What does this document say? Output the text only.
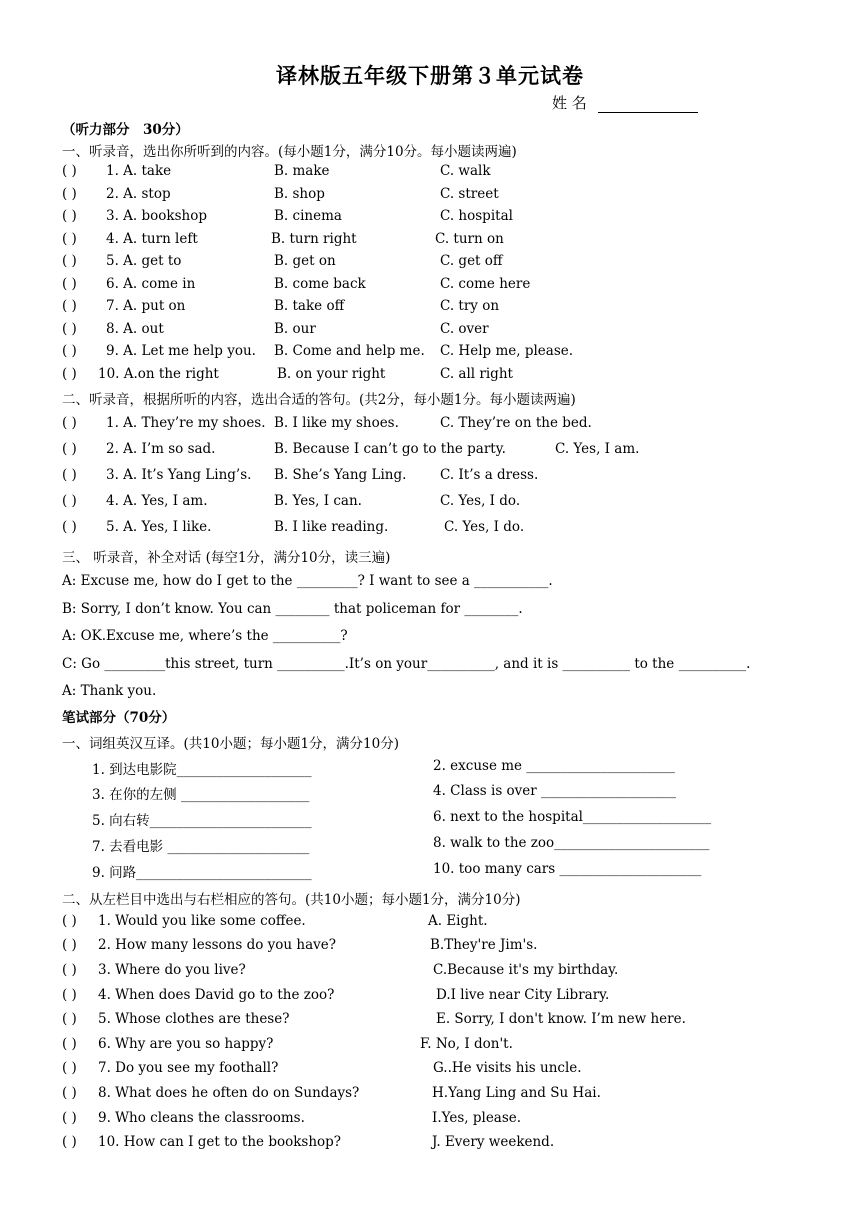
译林版五年级下册第３单元试卷
姓 名
（听力部分　30分）
一、听录音，选出你所听到的内容。(每小题1分，满分10分。每小题读两遍)
( ) 1. A. take	B. make	C. walk
( ) 2. A. stop	B. shop	C. street
( ) 3. A. bookshop	B. cinema	C. hospital
( ) 4. A. turn left	B. turn right	C. turn on
( ) 5. A. get to	B. get on	C. get off
( ) 6. A. come in	B. come back	C. come here
( ) 7. A. put on	B. take off	C. try on
( ) 8. A. out	B. our	C. over
( ) 9. A. Let me help you. B. Come and help me. C. Help me, please.
( ) 10. A.on the right	B. on your right	C. all right
二、听录音，根据所听的内容，选出合适的答句。(共2分，每小题1分。每小题读两遍)
( ) 1. A. They’re my shoes. B. I like my shoes.	C. They’re on the bed.
( ) 2. A. I’m so sad.	B. Because I can’t go to the party.	C. Yes, I am.
( ) 3. A. It’s Yang Ling’s. B. She’s Yang Ling. C. It’s a dress.
( ) 4. A. Yes, I am.	B. Yes, I can.	C. Yes, I do.
( ) 5. A. Yes, I like.	B. I like reading.	C. Yes, I do.
三、 听录音，补全对话 (每空1分，满分10分，读三遍)
A: Excuse me, how do I get to the _________? I want to see a ___________.
B: Sorry, I don’t know. You can ________ that policeman for ________.
A: OK.Excuse me, where’s the __________?
C: Go _________this street, turn __________.It’s on your__________, and it is __________ to the __________.
A: Thank you.
笔试部分（70分）
一、词组英汉互译。(共10小题；每小题1分，满分10分)
1. 到达电影院____________________	2. excuse me ______________________
3. 在你的左侧 ___________________	4. Class is over ____________________
5. 向右转________________________	6. next to the hospital___________________
7. 去看电影 _____________________	8. walk to the zoo_______________________
9. 问路__________________________	10. too many cars _____________________
二、从左栏目中选出与右栏相应的答句。(共10小题；每小题1分，满分10分)
( ) 1. Would you like some coffee.	A. Eight.
( ) 2. How many lessons do you have?	B.They're Jim's.
( ) 3. Where do you live?	C.Because it's my birthday.
( ) 4. When does David go to the zoo?	D.I live near City Library.
( ) 5. Whose clothes are these?	E. Sorry, I don't know. I’m new here.
( ) 6. Why are you so happy?	F. No, I don't.
( ) 7. Do you see my foothall?	G..He visits his uncle.
( ) 8. What does he often do on Sundays?	H.Yang Ling and Su Hai.
( ) 9. Who cleans the classrooms.	I.Yes, please.
( ) 10. How can I get to the bookshop?	J. Every weekend.
